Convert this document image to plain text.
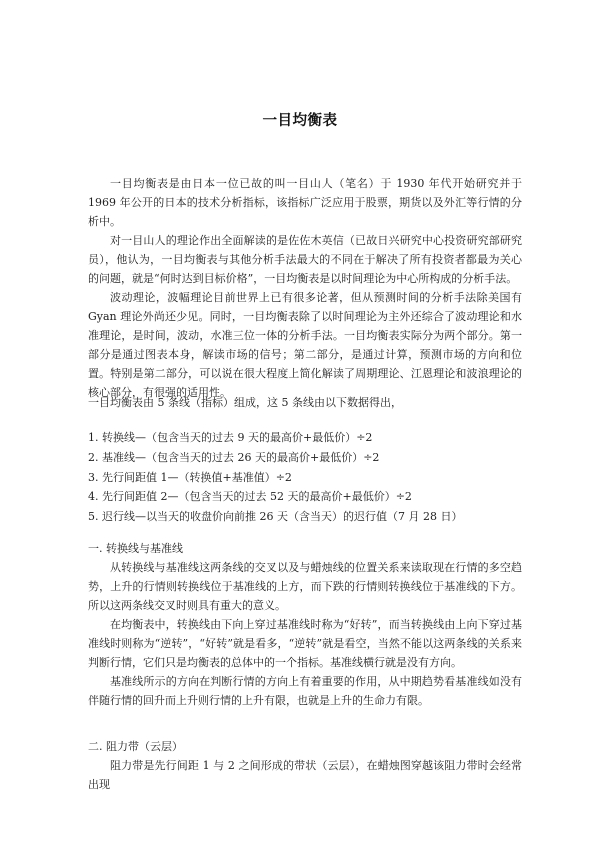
一目均衡表

一目均衡表是由日本一位已故的叫一目山人（笔名）于 1930 年代开始研究并于 1969 年公开的日本的技术分析指标，该指标广泛应用于股票，期货以及外汇等行情的分析中。

对一目山人的理论作出全面解读的是佐佐木英信（已故日兴研究中心投资研究部研究员），他认为，一目均衡表与其他分析手法最大的不同在于解决了所有投资者都最为关心的问题，就是“何时达到目标价格”，一目均衡表是以时间理论为中心所构成的分析手法。

波动理论，波幅理论目前世界上已有很多论著，但从预测时间的分析手法除美国有 Gyan 理论外尚还少见。同时，一目均衡表除了以时间理论为主外还综合了波动理论和水准理论，是时间，波动，水准三位一体的分析手法。一目均衡表实际分为两个部分。第一部分是通过图表本身，解读市场的信号；第二部分，是通过计算，预测市场的方向和位置。特别是第二部分，可以说在很大程度上简化解读了周期理论、江恩理论和波浪理论的核心部分，有很强的适用性。

一目均衡表由 5 条线（指标）组成，这 5 条线由以下数据得出，

1. 转换线—（包含当天的过去 9 天的最高价+最低价）÷2

2. 基准线—（包含当天的过去 26 天的最高价+最低价）÷2

3. 先行间距值 1—（转换值+基准值）÷2

4. 先行间距值 2—（包含当天的过去 52 天的最高价+最低价）÷2

5. 迟行线—以当天的收盘价向前推 26 天（含当天）的迟行值（7 月 28 日）

一. 转换线与基准线

从转换线与基准线这两条线的交叉以及与蜡烛线的位置关系来读取现在行情的多空趋势，上升的行情则转换线位于基准线的上方，而下跌的行情则转换线位于基准线的下方。所以这两条线交叉时则具有重大的意义。

在均衡表中，转换线由下向上穿过基准线时称为“好转”，而当转换线由上向下穿过基准线时则称为“逆转”，“好转”就是看多，“逆转”就是看空，当然不能以这两条线的关系来判断行情，它们只是均衡表的总体中的一个指标。基准线横行就是没有方向。

基准线所示的方向在判断行情的方向上有着重要的作用，从中期趋势看基准线如没有伴随行情的回升而上升则行情的上升有限，也就是上升的生命力有限。

二. 阻力带（云层）

阻力带是先行间距 1 与 2 之间形成的带状（云层），在蜡烛图穿越该阻力带时会经常出现
